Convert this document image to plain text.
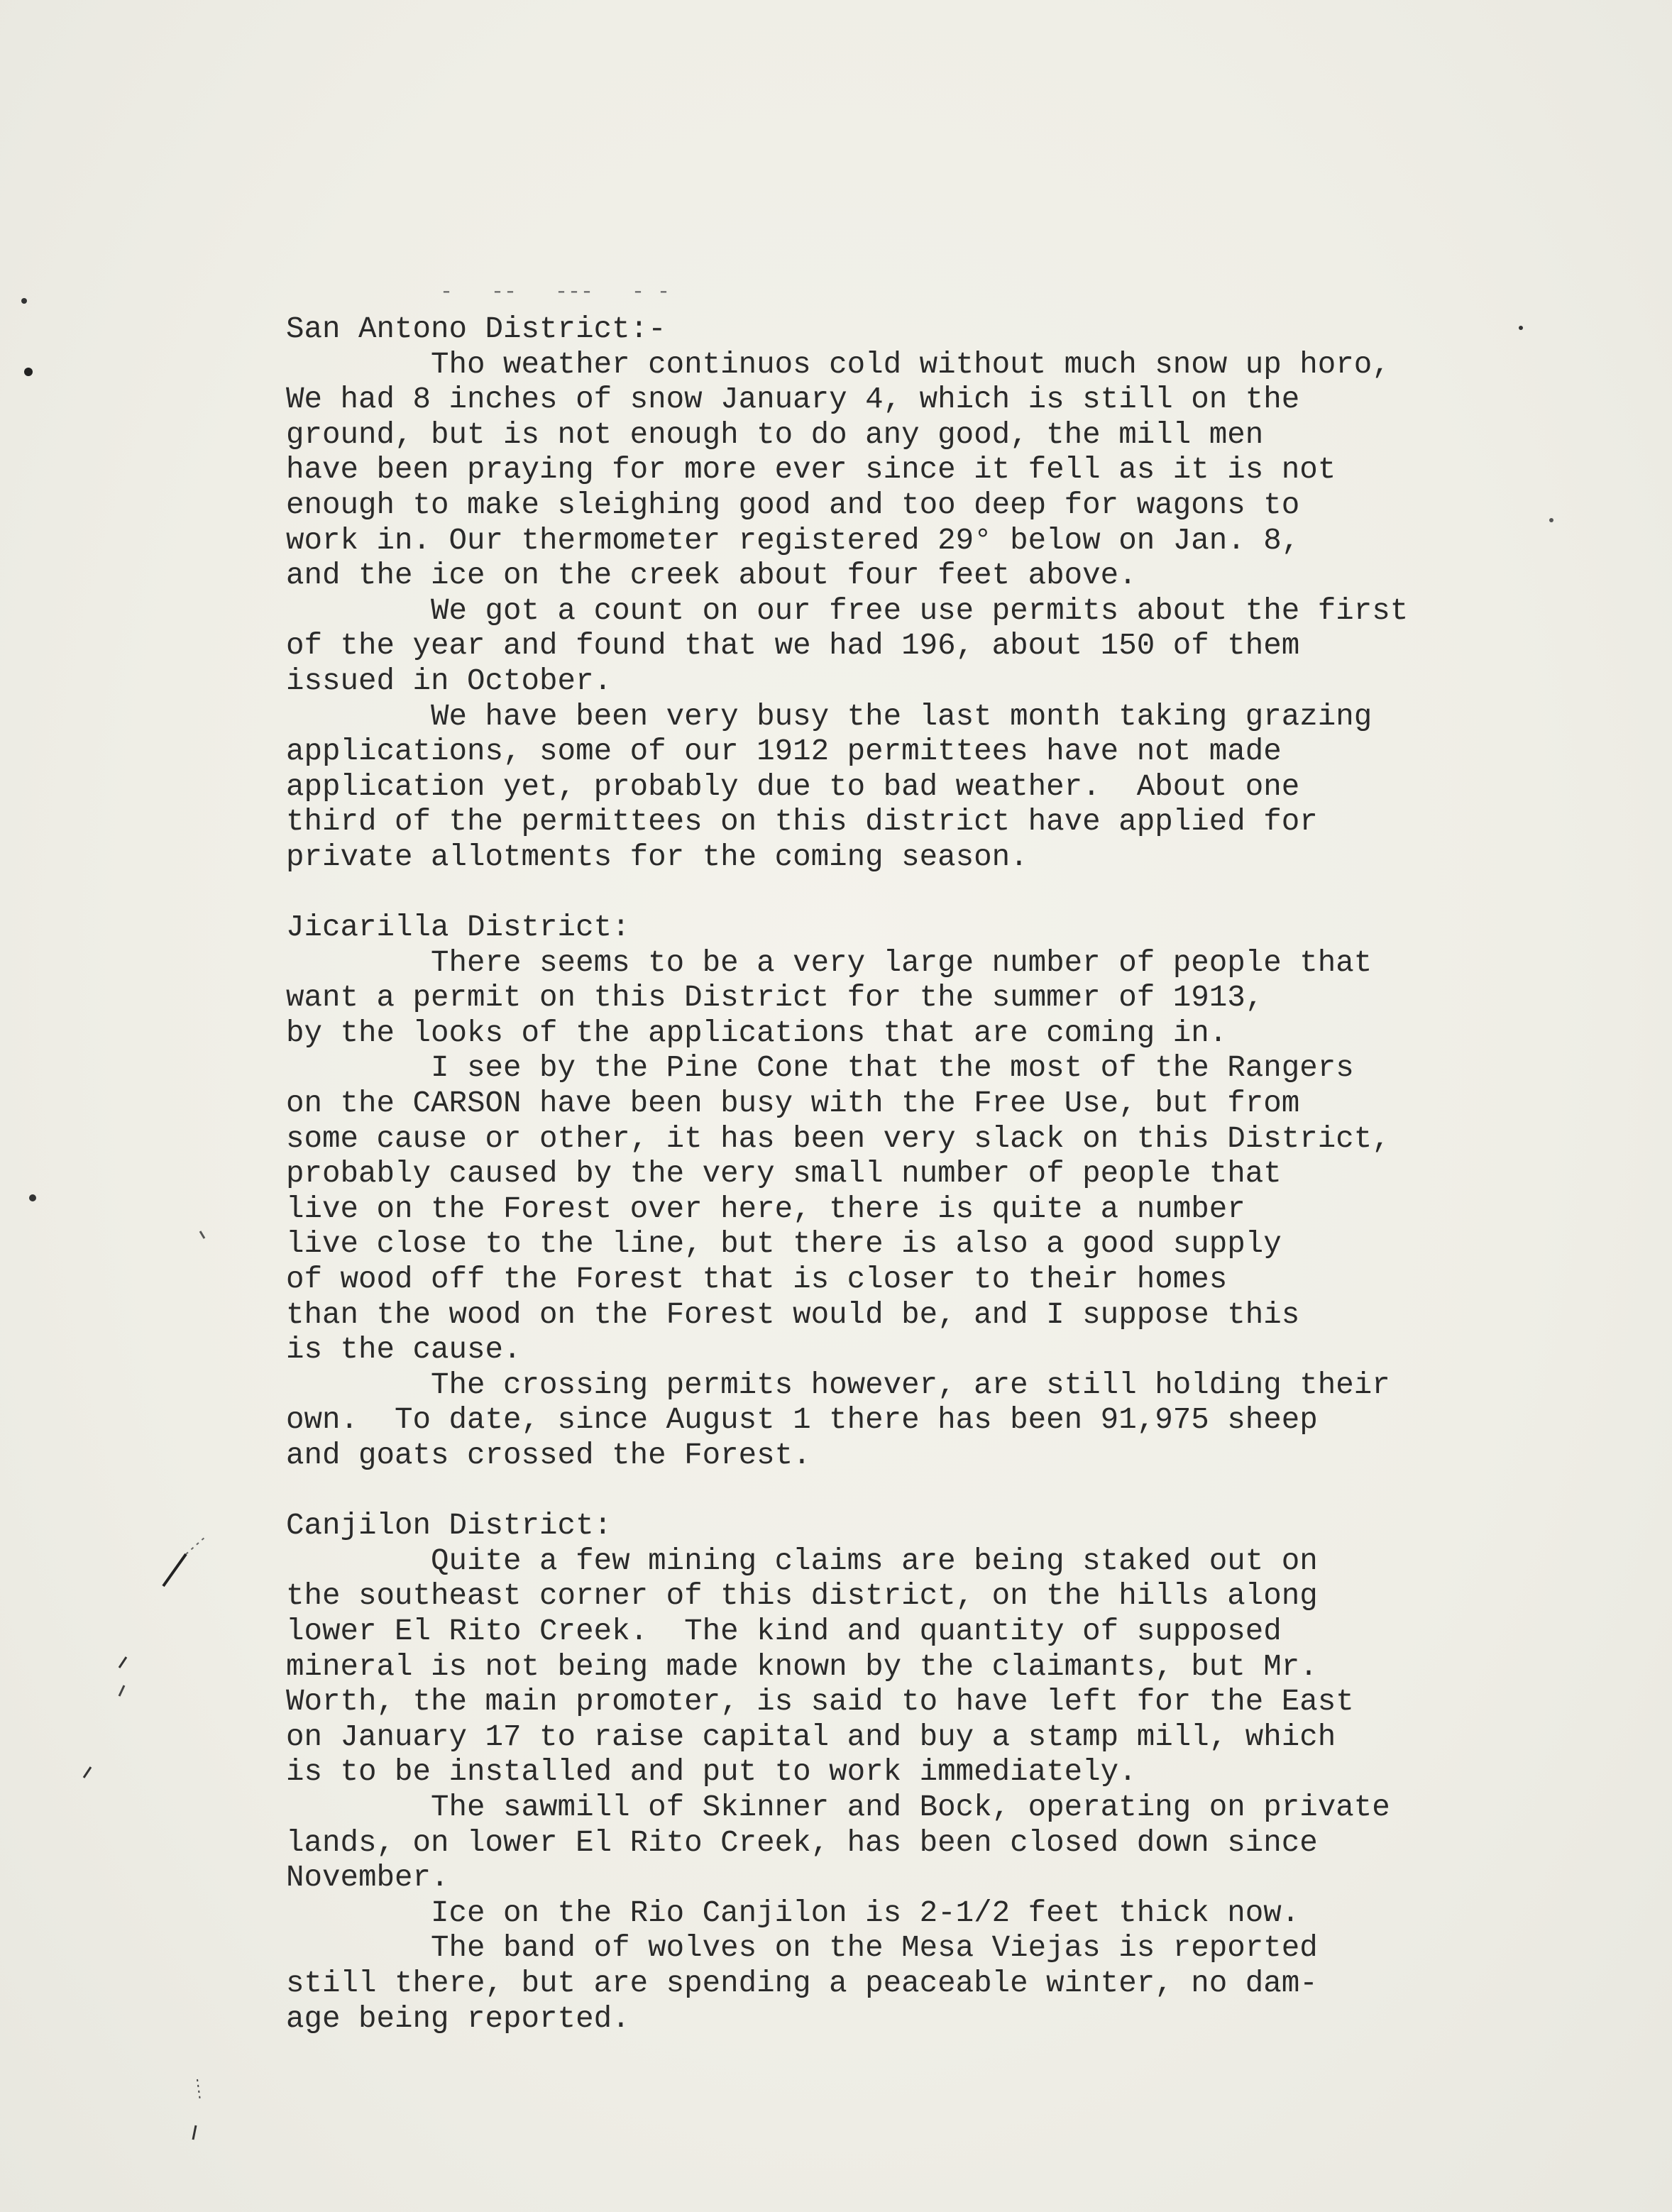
-   --   ---   - -
San Antono District:-
Tho weather continuos cold without much snow up horo,
We had 8 inches of snow January 4, which is still on the
ground, but is not enough to do any good, the mill men
have been praying for more ever since it fell as it is not
enough to make sleighing good and too deep for wagons to
work in. Our thermometer registered 29° below on Jan. 8,
and the ice on the creek about four feet above.
We got a count on our free use permits about the first
of the year and found that we had 196, about 150 of them
issued in October.
We have been very busy the last month taking grazing
applications, some of our 1912 permittees have not made
application yet, probably due to bad weather.  About one
third of the permittees on this district have applied for
private allotments for the coming season.
Jicarilla District:
There seems to be a very large number of people that
want a permit on this District for the summer of 1913,
by the looks of the applications that are coming in.
I see by the Pine Cone that the most of the Rangers
on the CARSON have been busy with the Free Use, but from
some cause or other, it has been very slack on this District,
probably caused by the very small number of people that
live on the Forest over here, there is quite a number
live close to the line, but there is also a good supply
of wood off the Forest that is closer to their homes
than the wood on the Forest would be, and I suppose this
is the cause.
The crossing permits however, are still holding their
own.  To date, since August 1 there has been 91,975 sheep
and goats crossed the Forest.
Canjilon District:
Quite a few mining claims are being staked out on
the southeast corner of this district, on the hills along
lower El Rito Creek.  The kind and quantity of supposed
mineral is not being made known by the claimants, but Mr.
Worth, the main promoter, is said to have left for the East
on January 17 to raise capital and buy a stamp mill, which
is to be installed and put to work immediately.
The sawmill of Skinner and Bock, operating on private
lands, on lower El Rito Creek, has been closed down since
November.
Ice on the Rio Canjilon is 2-1/2 feet thick now.
The band of wolves on the Mesa Viejas is reported
still there, but are spending a peaceable winter, no dam-
age being reported.
